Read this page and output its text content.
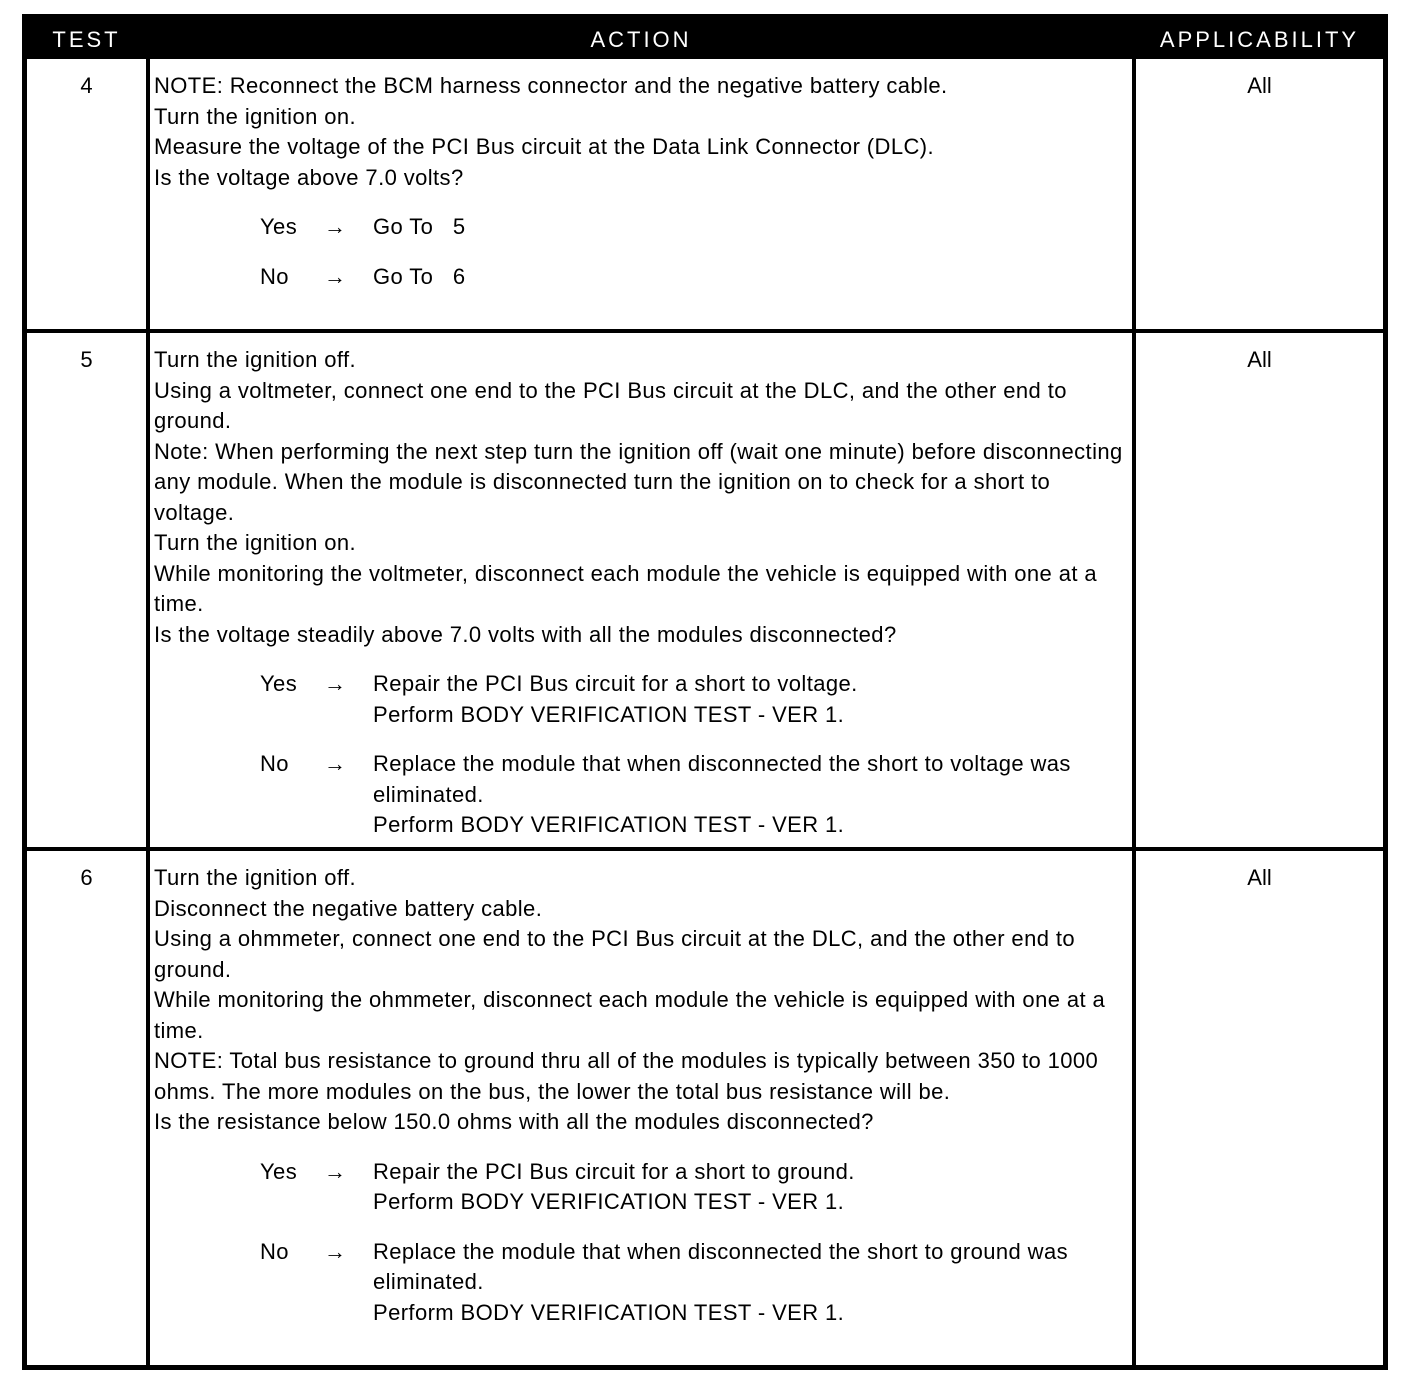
TEST	ACTION	APPLICABILITY
4	NOTE: Reconnect the BCM harness connector and the negative battery cable.

Turn the ignition on.

Measure the voltage of the PCI Bus circuit at the Data Link Connector (DLC).

Is the voltage above 7.0 volts?

Yes → Go To   5
No → Go To   6
All
5	Turn the ignition off.

Using a voltmeter, connect one end to the PCI Bus circuit at the DLC, and the other end to ground.

Note: When performing the next step turn the ignition off (wait one minute) before disconnecting any module. When the module is disconnected turn the ignition on to check for a short to voltage.

Turn the ignition on.

While monitoring the voltmeter, disconnect each module the vehicle is equipped with one at a time.

Is the voltage steadily above 7.0 volts with all the modules disconnected?

Yes → Repair the PCI Bus circuit for a short to voltage.
Perform BODY VERIFICATION TEST - VER 1.
No → Replace the module that when disconnected the short to voltage was eliminated.
Perform BODY VERIFICATION TEST - VER 1.
All
6	Turn the ignition off.

Disconnect the negative battery cable.

Using a ohmmeter, connect one end to the PCI Bus circuit at the DLC, and the other end to ground.

While monitoring the ohmmeter, disconnect each module the vehicle is equipped with one at a time.

NOTE: Total bus resistance to ground thru all of the modules is typically between 350 to 1000 ohms. The more modules on the bus, the lower the total bus resistance will be.

Is the resistance below 150.0 ohms with all the modules disconnected?

Yes → Repair the PCI Bus circuit for a short to ground.
Perform BODY VERIFICATION TEST - VER 1.
No → Replace the module that when disconnected the short to ground was eliminated.
Perform BODY VERIFICATION TEST - VER 1.
All
